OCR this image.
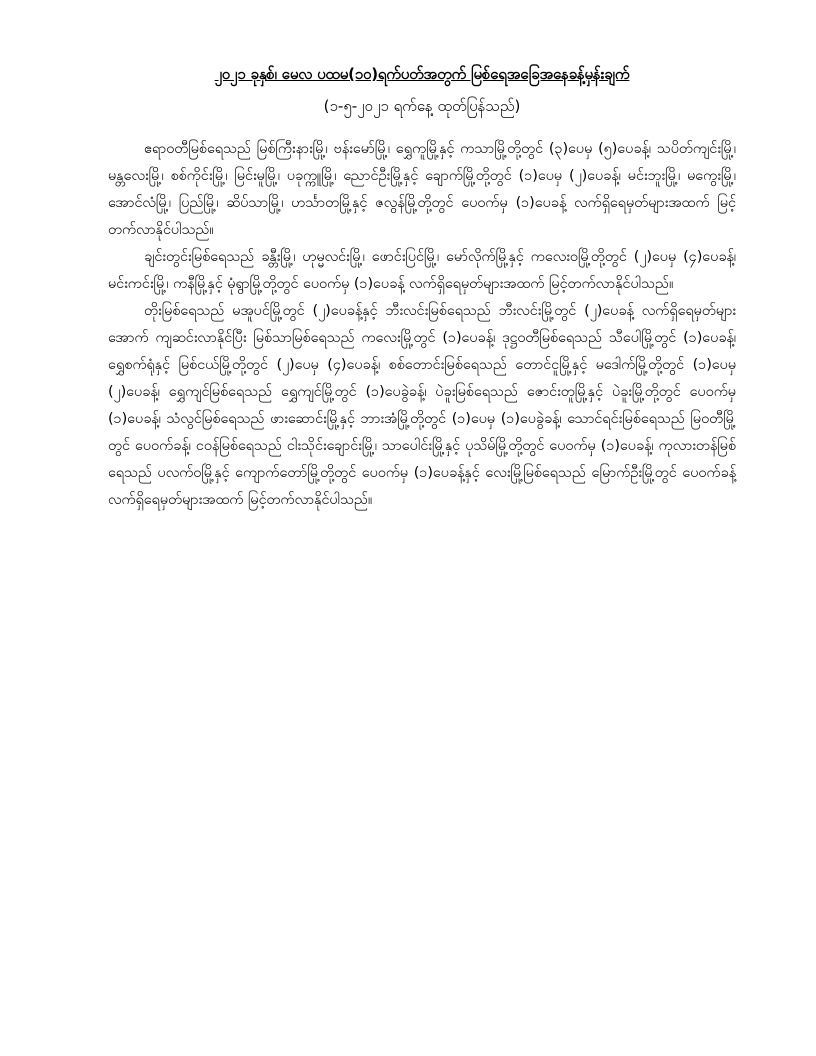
၂၀၂၁ ခုနှစ်၊ မေလ ပထမ(၁၀)ရက်ပတ်အတွက် မြစ်ရေအခြေအနေခန့်မှန်းချက်
(၁-၅-၂၀၂၁ ရက်နေ့ ထုတ်ပြန်သည်)

ဧရာဝတီမြစ်ရေသည် မြစ်ကြီးနားမြို့၊ ဗန်းမော်မြို့၊ ရွှေကူမြို့နှင့် ကသာမြို့တို့တွင် (၃)ပေမှ (၅)ပေခန့်၊ သပိတ်ကျင်းမြို့၊ မန္တလေးမြို့၊ စစ်ကိုင်းမြို့၊ မြင်းမူမြို့၊ ပခုက္ကူမြို့၊ ညောင်ဦးမြို့နှင့် ချောက်မြို့တို့တွင် (၁)ပေမှ (၂)ပေခန့်၊ မင်းဘူးမြို့၊ မကွေးမြို့၊ အောင်လံမြို့၊ ပြည်မြို့၊ ဆိပ်သာမြို့၊ ဟင်္သာတမြို့နှင့် ဇလွန်မြို့တို့တွင် ပေဝက်မှ (၁)ပေခန့် လက်ရှိရေမှတ်များအထက် မြင့်တက်လာနိုင်ပါသည်။

ချင်းတွင်းမြစ်ရေသည် ခန္တီးမြို့၊ ဟုမ္မလင်းမြို့၊ ဖောင်းပြင်မြို့၊ မော်လိုက်မြို့နှင့် ကလေးဝမြို့တို့တွင် (၂)ပေမှ (၄)ပေခန့်၊ မင်းကင်းမြို့၊ ကနီမြို့နှင့် မုံရွာမြို့တို့တွင် ပေဝက်မှ (၁)ပေခန့် လက်ရှိရေမှတ်များအထက် မြင့်တက်လာနိုင်ပါသည်။

တိုးမြစ်ရေသည် မအူပင်မြို့တွင် (၂)ပေခန့်နှင့် ဘီးလင်းမြစ်ရေသည် ဘီးလင်းမြို့တွင် (၂)ပေခန့် လက်ရှိရေမှတ်များအောက် ကျဆင်းလာနိုင်ပြီး မြစ်သာမြစ်ရေသည် ကလေးမြို့တွင် (၁)ပေခန့်၊ ဒုဋ္ဌဝတီမြစ်ရေသည် သီပေါမြို့တွင် (၁)ပေခန့်၊ ရွှေစက်ရုံနှင့် မြစ်ငယ်မြို့တို့တွင် (၂)ပေမှ (၄)ပေခန့်၊ စစ်တောင်းမြစ်ရေသည် တောင်ငူမြို့နှင့် မဒေါက်မြို့တို့တွင် (၁)ပေမှ (၂)ပေခန့်၊ ရွှေကျင်မြစ်ရေသည် ရွှေကျင်မြို့တွင် (၁)ပေခွဲခန့်၊ ပဲခူးမြစ်ရေသည် ဇောင်းတူမြို့နှင့် ပဲခူးမြို့တို့တွင် ပေဝက်မှ (၁)ပေခန့်၊ သံလွင်မြစ်ရေသည် ဖားဆောင်းမြို့နှင့် ဘားအံမြို့တို့တွင် (၁)ပေမှ (၁)ပေခွဲခန့်၊ သောင်ရင်းမြစ်ရေသည် မြဝတီမြို့တွင် ပေဝက်ခန့်၊ ငဝန်မြစ်ရေသည် ငါးသိုင်းချောင်းမြို့၊ သာပေါင်းမြို့နှင့် ပုသိမ်မြို့တို့တွင် ပေဝက်မှ (၁)ပေခန့်၊ ကုလားတန်မြစ်ရေသည် ပလက်ဝမြို့နှင့် ကျောက်တော်မြို့တို့တွင် ပေဝက်မှ (၁)ပေခန့်နှင့် လေးမြို့မြစ်ရေသည် မြောက်ဦးမြို့တွင် ပေဝက်ခန့် လက်ရှိရေမှတ်များအထက် မြင့်တက်လာနိုင်ပါသည်။
